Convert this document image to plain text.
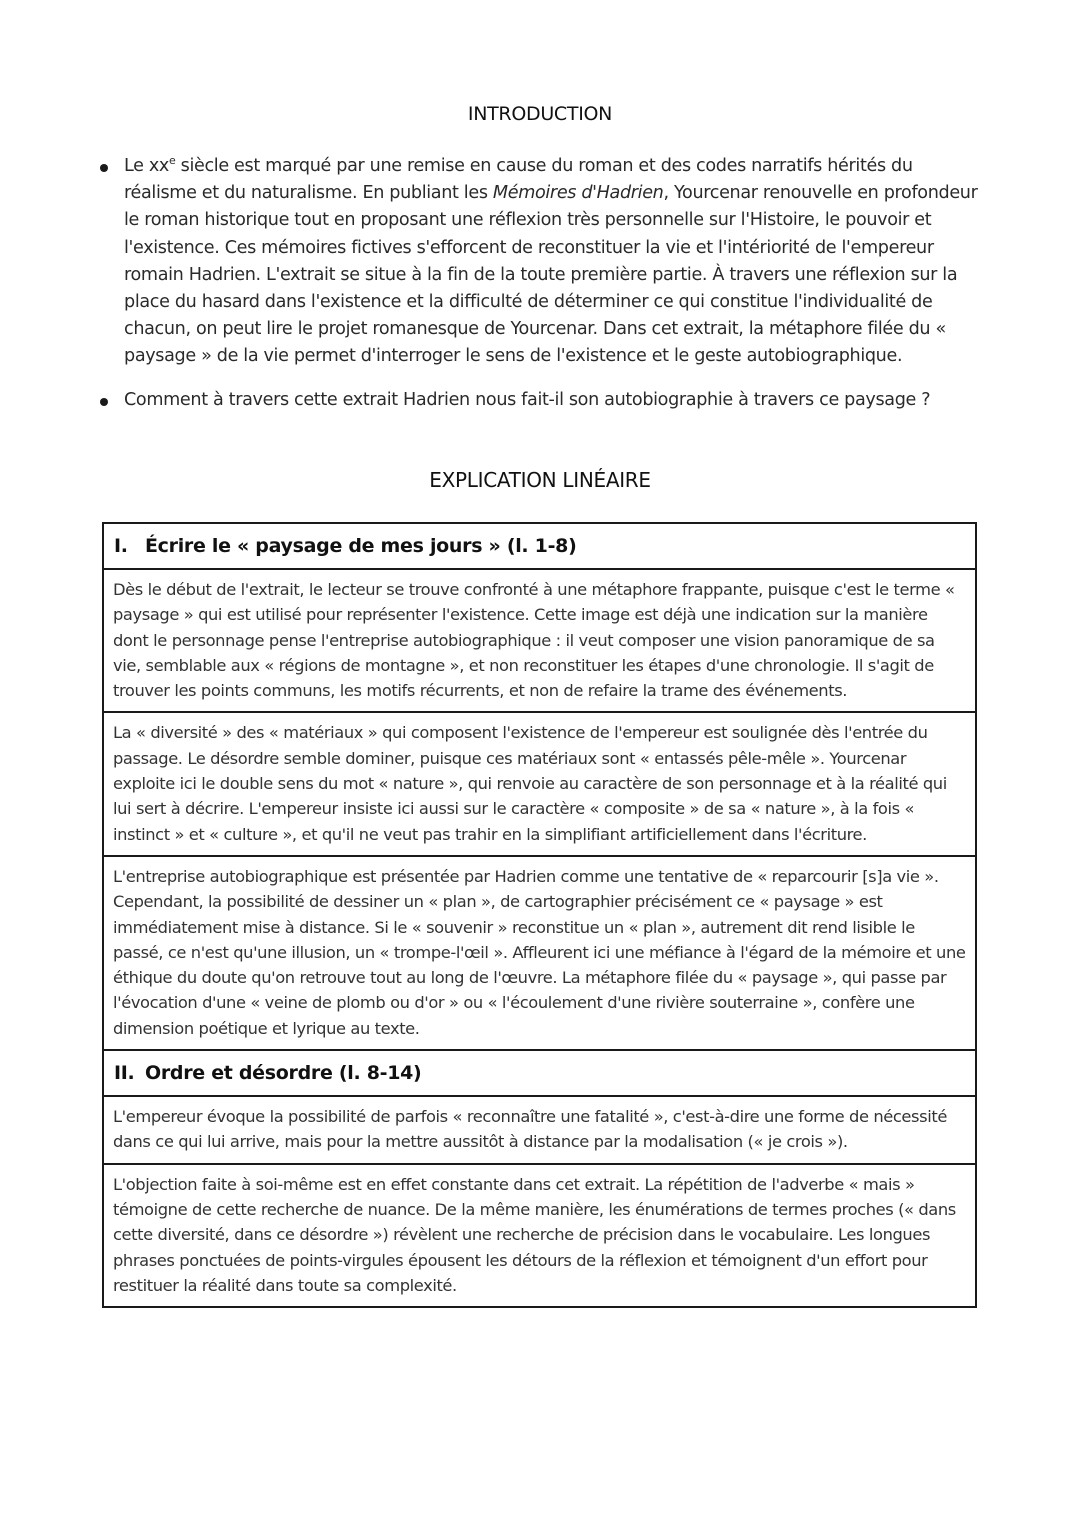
INTRODUCTION
Le $xx^e$ siècle est marqué par une remise en cause du roman et des codes narratifs hérités du réalisme et du naturalisme. En publiant les Mémoires d'Hadrien, Yourcenar renouvelle en profondeur le roman historique tout en proposant une réflexion très personnelle sur l'Histoire, le pouvoir et l'existence. Ces mémoires fictives s'efforcent de reconstituer la vie et l'intériorité de l'empereur romain Hadrien. L'extrait se situe à la fin de la toute première partie. À travers une réflexion sur la place du hasard dans l'existence et la difficulté de déterminer ce qui constitue l'individualité de chacun, on peut lire le projet romanesque de Yourcenar. Dans cet extrait, la métaphore filée du « paysage » de la vie permet d'interroger le sens de l'existence et le geste autobiographique.
Comment à travers cette extrait Hadrien nous fait-il son autobiographie à travers ce paysage ?
EXPLICATION LINÉAIRE
I. Écrire le « paysage de mes jours » (l. 1-8)
Dès le début de l'extrait, le lecteur se trouve confronté à une métaphore frappante, puisque c'est le terme « paysage » qui est utilisé pour représenter l'existence. Cette image est déjà une indication sur la manière dont le personnage pense l'entreprise autobiographique : il veut composer une vision panoramique de sa vie, semblable aux « régions de montagne », et non reconstituer les étapes d'une chronologie. Il s'agit de trouver les points communs, les motifs récurrents, et non de refaire la trame des événements.
La « diversité » des « matériaux » qui composent l'existence de l'empereur est soulignée dès l'entrée du passage. Le désordre semble dominer, puisque ces matériaux sont « entassés pêle-mêle ». Yourcenar exploite ici le double sens du mot « nature », qui renvoie au caractère de son personnage et à la réalité qui lui sert à décrire. L'empereur insiste ici aussi sur le caractère « composite » de sa « nature », à la fois « instinct » et « culture », et qu'il ne veut pas trahir en la simplifiant artificiellement dans l'écriture.
L'entreprise autobiographique est présentée par Hadrien comme une tentative de « reparcourir [s]a vie ». Cependant, la possibilité de dessiner un « plan », de cartographier précisément ce « paysage » est immédiatement mise à distance. Si le « souvenir » reconstitue un « plan », autrement dit rend lisible le passé, ce n'est qu'une illusion, un « trompe-l'œil ». Affleurent ici une méfiance à l'égard de la mémoire et une éthique du doute qu'on retrouve tout au long de l'œuvre. La métaphore filée du « paysage », qui passe par l'évocation d'une « veine de plomb ou d'or » ou « l'écoulement d'une rivière souterraine », confère une dimension poétique et lyrique au texte.
II. Ordre et désordre (l. 8-14)
L'empereur évoque la possibilité de parfois « reconnaître une fatalité », c'est-à-dire une forme de nécessité dans ce qui lui arrive, mais pour la mettre aussitôt à distance par la modalisation (« je crois »).
L'objection faite à soi-même est en effet constante dans cet extrait. La répétition de l'adverbe « mais » témoigne de cette recherche de nuance. De la même manière, les énumérations de termes proches (« dans cette diversité, dans ce désordre ») révèlent une recherche de précision dans le vocabulaire. Les longues phrases ponctuées de points-virgules épousent les détours de la réflexion et témoignent d'un effort pour restituer la réalité dans toute sa complexité.
